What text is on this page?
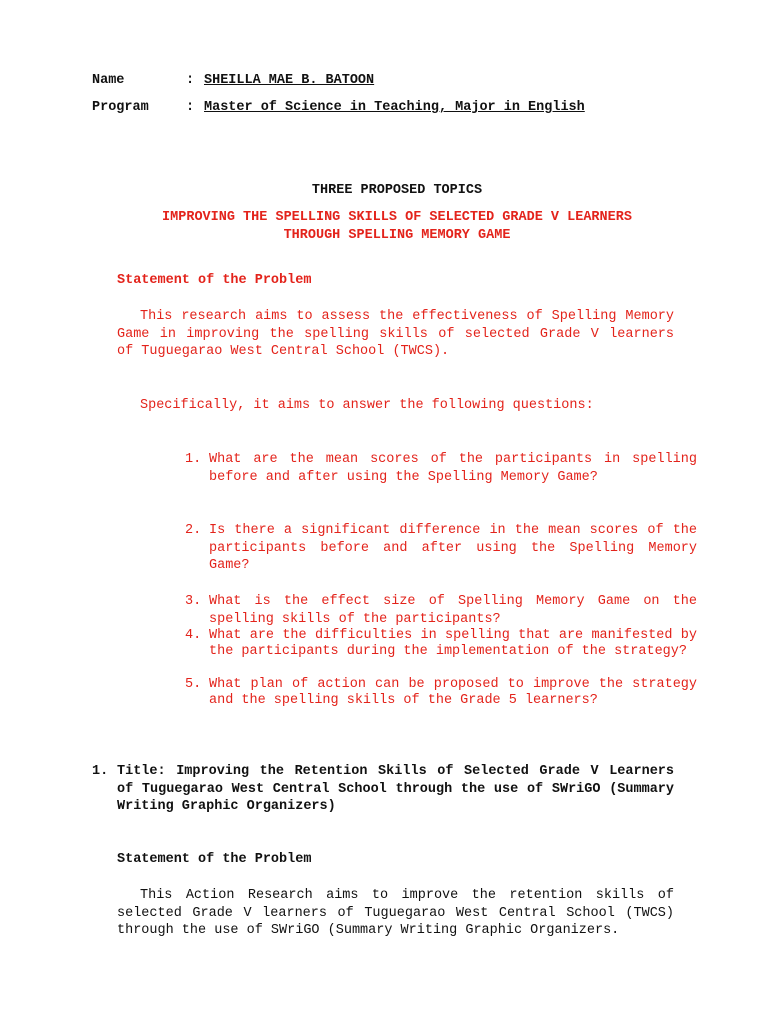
Name	: SHEILLA MAE B. BATOON
Program	: Master of Science in Teaching, Major in English
THREE PROPOSED TOPICS
IMPROVING THE SPELLING SKILLS OF SELECTED GRADE V LEARNERS
THROUGH SPELLING MEMORY GAME
Statement of the Problem
This research aims to assess the effectiveness of Spelling Memory Game in improving the spelling skills of selected Grade V learners of Tuguegarao West Central School (TWCS).
Specifically, it aims to answer the following questions:
1. What are the mean scores of the participants in spelling before and after using the Spelling Memory Game?
2. Is there a significant difference in the mean scores of the participants before and after using the Spelling Memory Game?
3. What is the effect size of Spelling Memory Game on the spelling skills of the participants?
4. What are the difficulties in spelling that are manifested by the participants during the implementation of the strategy?
5. What plan of action can be proposed to improve the strategy and the spelling skills of the Grade 5 learners?
1. Title: Improving the Retention Skills of Selected Grade V Learners of Tuguegarao West Central School through the use of SWriGO (Summary Writing Graphic Organizers)
Statement of the Problem
This Action Research aims to improve the retention skills of selected Grade V learners of Tuguegarao West Central School (TWCS) through the use of SWriGO (Summary Writing Graphic Organizers.
